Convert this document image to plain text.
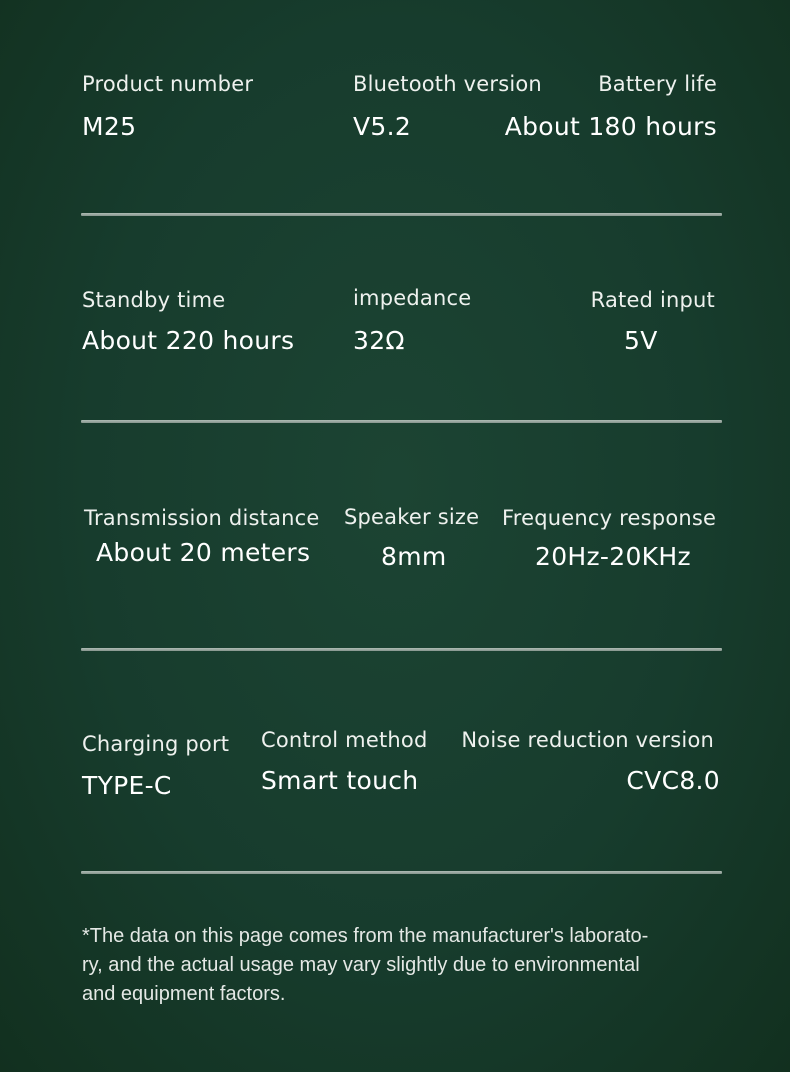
Product number
M25
Bluetooth version
V5.2
Battery life
About 180 hours
Standby time
About 220 hours
impedance
32Ω
Rated input
5V
Transmission distance
About 20 meters
Speaker size
8mm
Frequency response
20Hz-20KHz
Charging port
TYPE-C
Control method
Smart touch
Noise reduction version
CVC8.0
*The data on this page comes from the manufacturer's laborato-
ry, and the actual usage may vary slightly due to environmental
and equipment factors.
